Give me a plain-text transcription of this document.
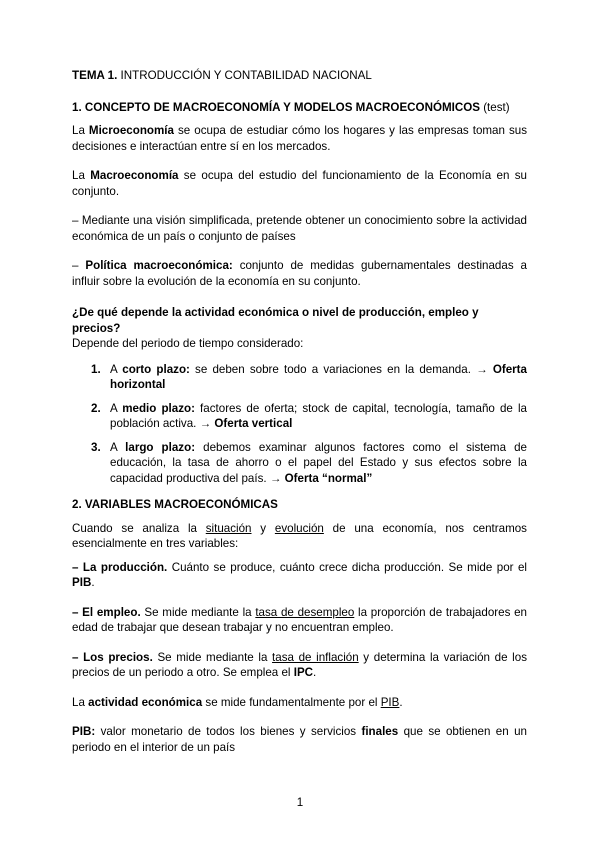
TEMA 1. INTRODUCCIÓN Y CONTABILIDAD NACIONAL

1. CONCEPTO DE MACROECONOMÍA Y MODELOS MACROECONÓMICOS (test)

La Microeconomía se ocupa de estudiar cómo los hogares y las empresas toman sus decisiones e interactúan entre sí en los mercados.

La Macroeconomía se ocupa del estudio del funcionamiento de la Economía en su conjunto.

– Mediante una visión simplificada, pretende obtener un conocimiento sobre la actividad económica de un país o conjunto de países

– Política macroeconómica: conjunto de medidas gubernamentales destinadas a influir sobre la evolución de la economía en su conjunto.

¿De qué depende la actividad económica o nivel de producción, empleo y precios?

Depende del periodo de tiempo considerado:

1. A corto plazo: se deben sobre todo a variaciones en la demanda. → Oferta horizontal
2. A medio plazo: factores de oferta; stock de capital, tecnología, tamaño de la población activa. → Oferta vertical
3. A largo plazo: debemos examinar algunos factores como el sistema de educación, la tasa de ahorro o el papel del Estado y sus efectos sobre la capacidad productiva del país. → Oferta “normal”

2. VARIABLES MACROECONÓMICAS

Cuando se analiza la situación y evolución de una economía, nos centramos esencialmente en tres variables:

– La producción. Cuánto se produce, cuánto crece dicha producción. Se mide por el PIB.

– El empleo. Se mide mediante la tasa de desempleo la proporción de trabajadores en edad de trabajar que desean trabajar y no encuentran empleo.

– Los precios. Se mide mediante la tasa de inflación y determina la variación de los precios de un periodo a otro. Se emplea el IPC.

La actividad económica se mide fundamentalmente por el PIB.

PIB: valor monetario de todos los bienes y servicios finales que se obtienen en un periodo en el interior de un país

1
